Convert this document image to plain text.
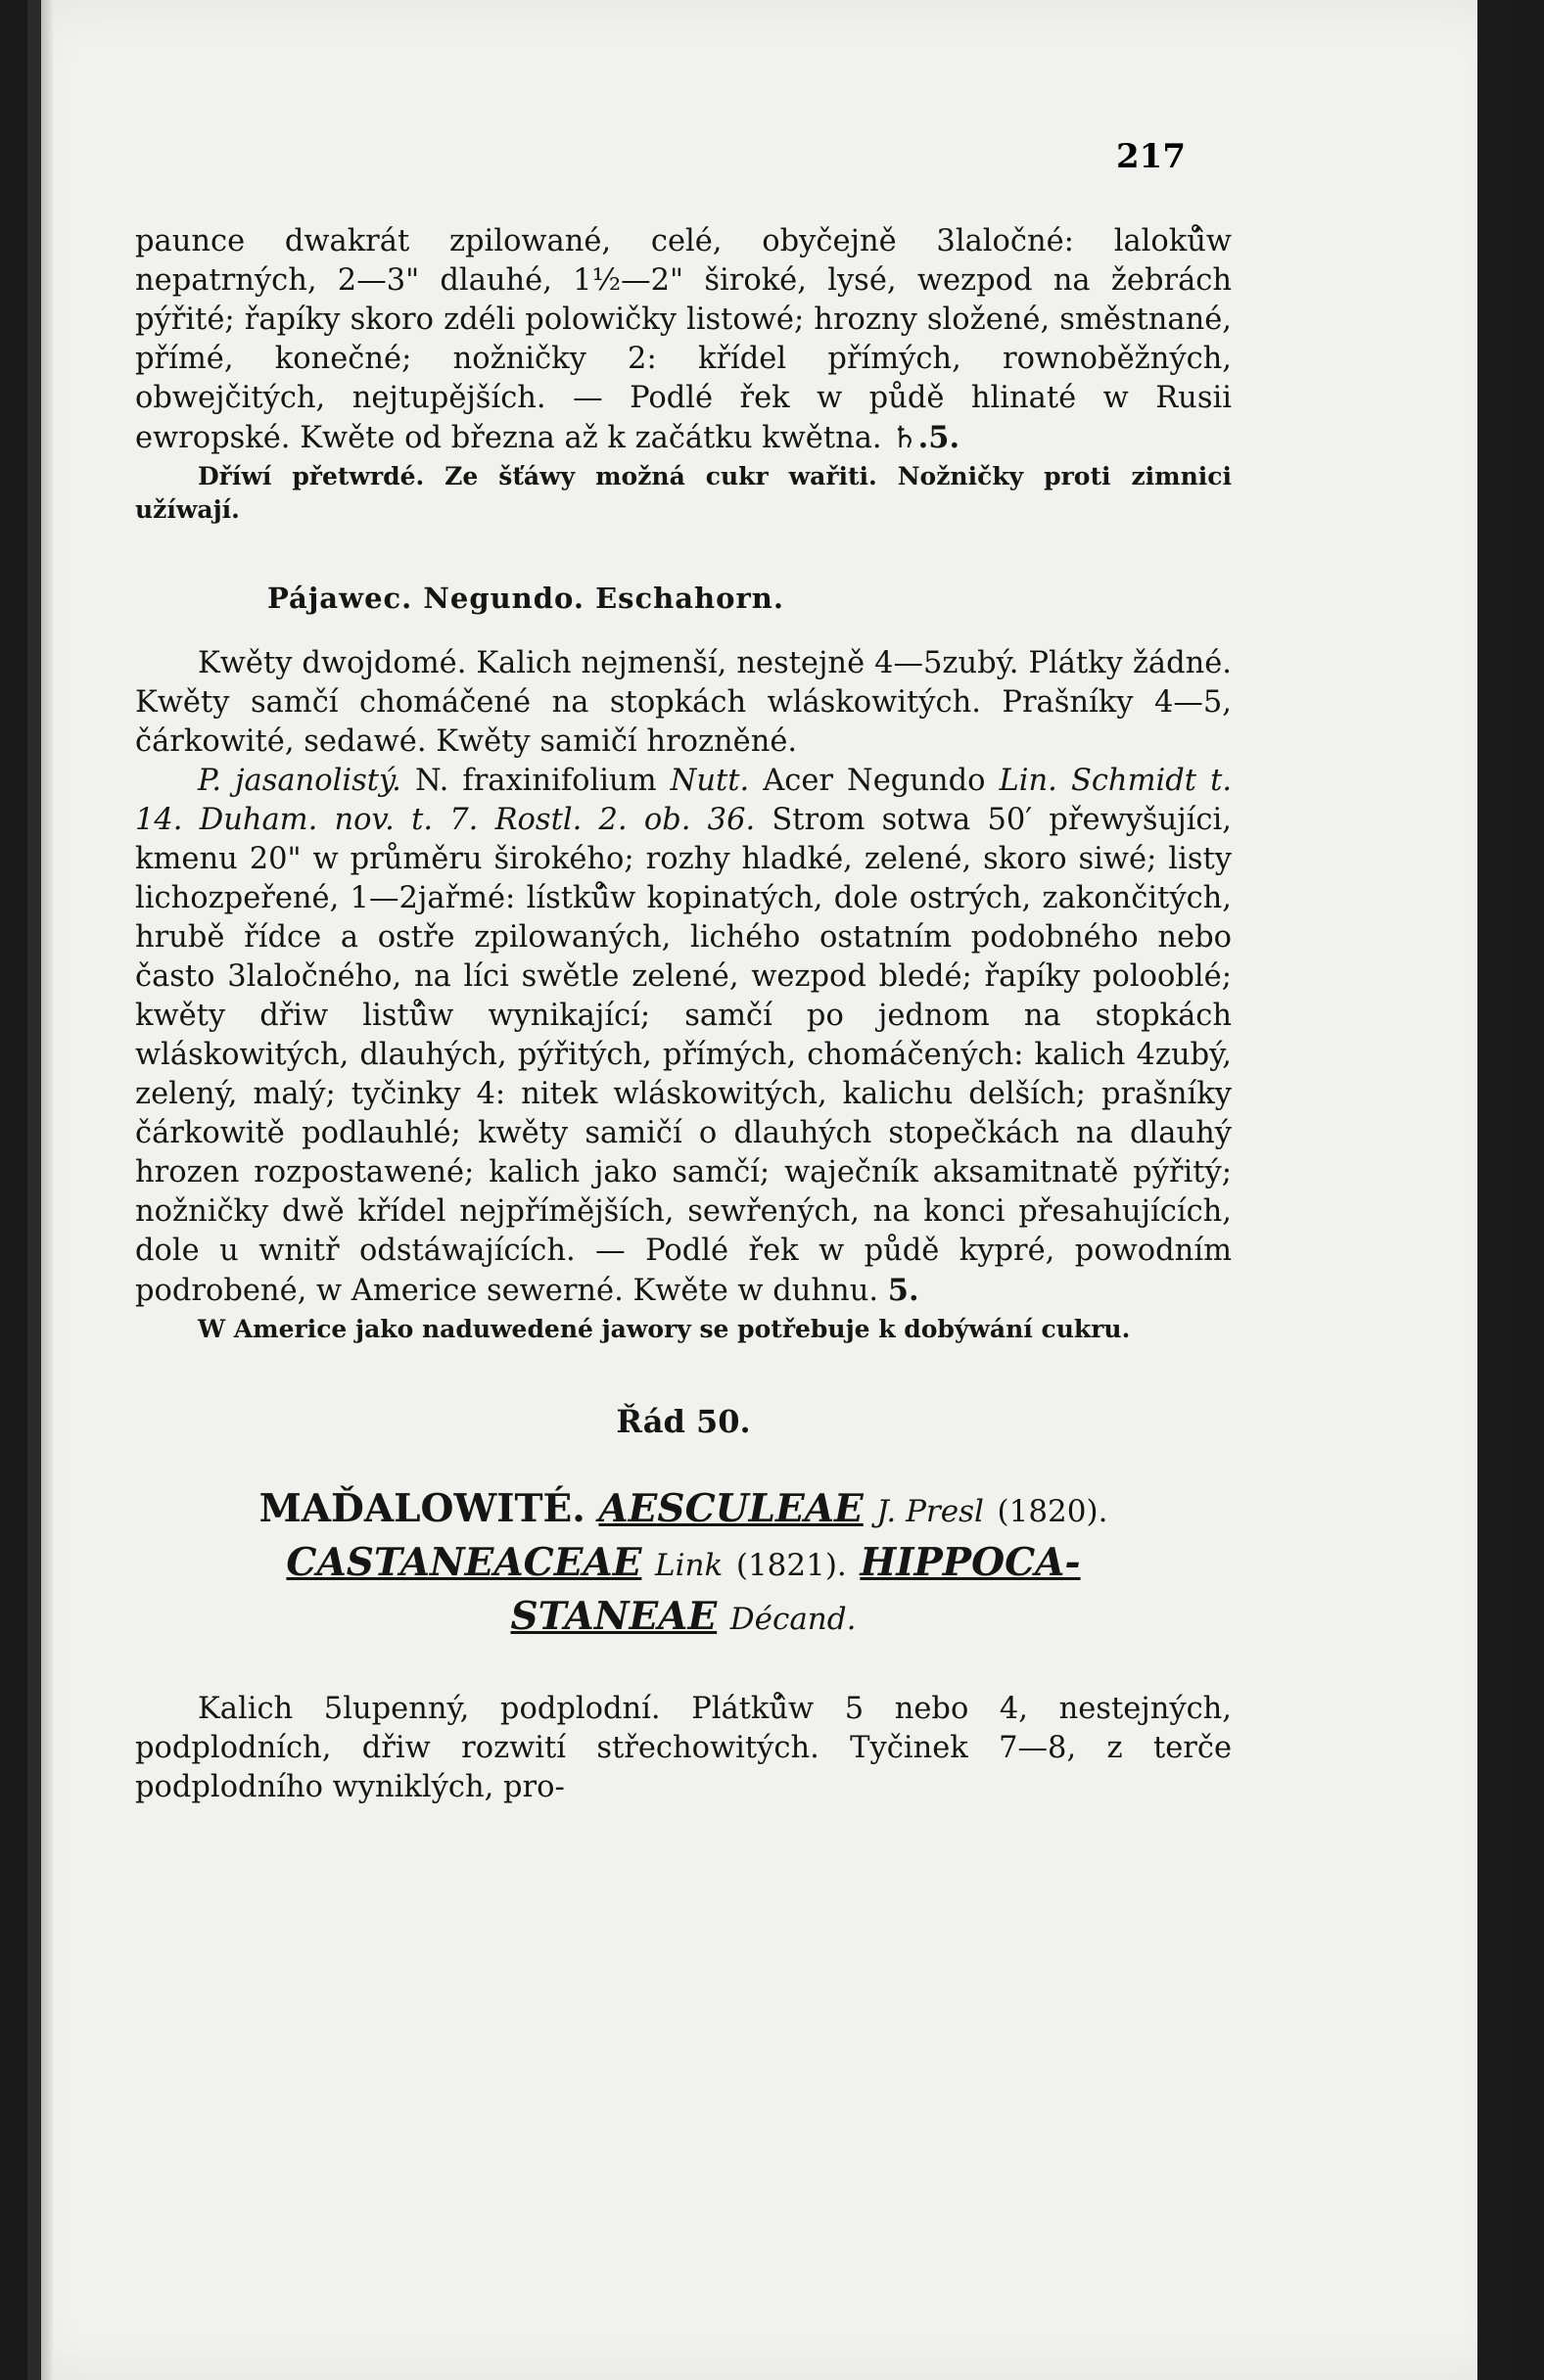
217

paunce dwakrát zpilowané, celé, obyčejně 3laločné: laloků̂w nepatrných, 2—3" dlauhé, 1½—2" široké, lysé, wezpod na žebrách pýřité; řapíky skoro zdéli polowičky listowé; hrozny složené, směstnané, přímé, konečné; nožničky 2: křídel přímých, rownoběžných, obwejčitých, nejtupějších. — Podlé řek w půdě hlinaté w Rusii ewropské. Kwěte od března až k začátku kwětna. ♄.5.

Dříwí přetwrdé. Ze šťáwy možná cukr wařiti. Nožničky proti zimnici užíwají.

Pájawec. Negundo. Eschahorn.

Kwěty dwojdomé. Kalich nejmenší, nestejně 4—5zubý. Plátky žádné. Kwěty samčí chomáčené na stopkách wláskowitých. Prašníky 4—5, čárkowité, sedawé. Kwěty samičí hrozněné.

P. jasanolistý. N. fraxinifolium Nutt. Acer Negundo Lin. Schmidt t. 14. Duham. nov. t. 7. Rostl. 2. ob. 36. Strom sotwa 50′ přewyšujíci, kmenu 20" w průměru širokého; rozhy hladké, zelené, skoro siwé; listy lichozpeřené, 1—2jařmé: lístků̂w kopinatých, dole ostrých, zakončitých, hrubě řídce a ostře zpilowaných, lichého ostatním podobného nebo často 3laločného, na líci swětle zelené, wezpod bledé; řapíky poloоblé; kwěty dřiw listů̂w wynikající; samčí po jednom na stopkách wláskowitých, dlauhých, pýřitých, přímých, chomáčených: kalich 4zubý, zelený, malý; tyčinky 4: nitek wláskowitých, kalichu delších; prašníky čárkowitě podlauhlé; kwěty samičí o dlauhých stopečkách na dlauhý hrozen rozpostawené; kalich jako samčí; waječník aksamitnatě pýřitý; nožničky dwě křídel nejpřímějších, sewřených, na konci přesahujících, dole u wnitř odstáwajících. — Podlé řek w půdě kypré, powodním podrobené, w Americe sewerné. Kwěte w duhnu. 5.

W Americe jako naduwedené jawory se potřebuje k dobýwání cukru.

Řád 50.
MAĎALOWITÉ. AESCULEAE J. Presl (1820).
CASTANEACEAE Link (1821). HIPPOCA-
STANEAE Décand.

Kalich 5lupenný, podplodní. Plátků̂w 5 nebo 4, nestejných, podplodních, dřiw rozwití střechowitých. Tyčinek 7—8, z terče podplodního wyniklých, pro-
